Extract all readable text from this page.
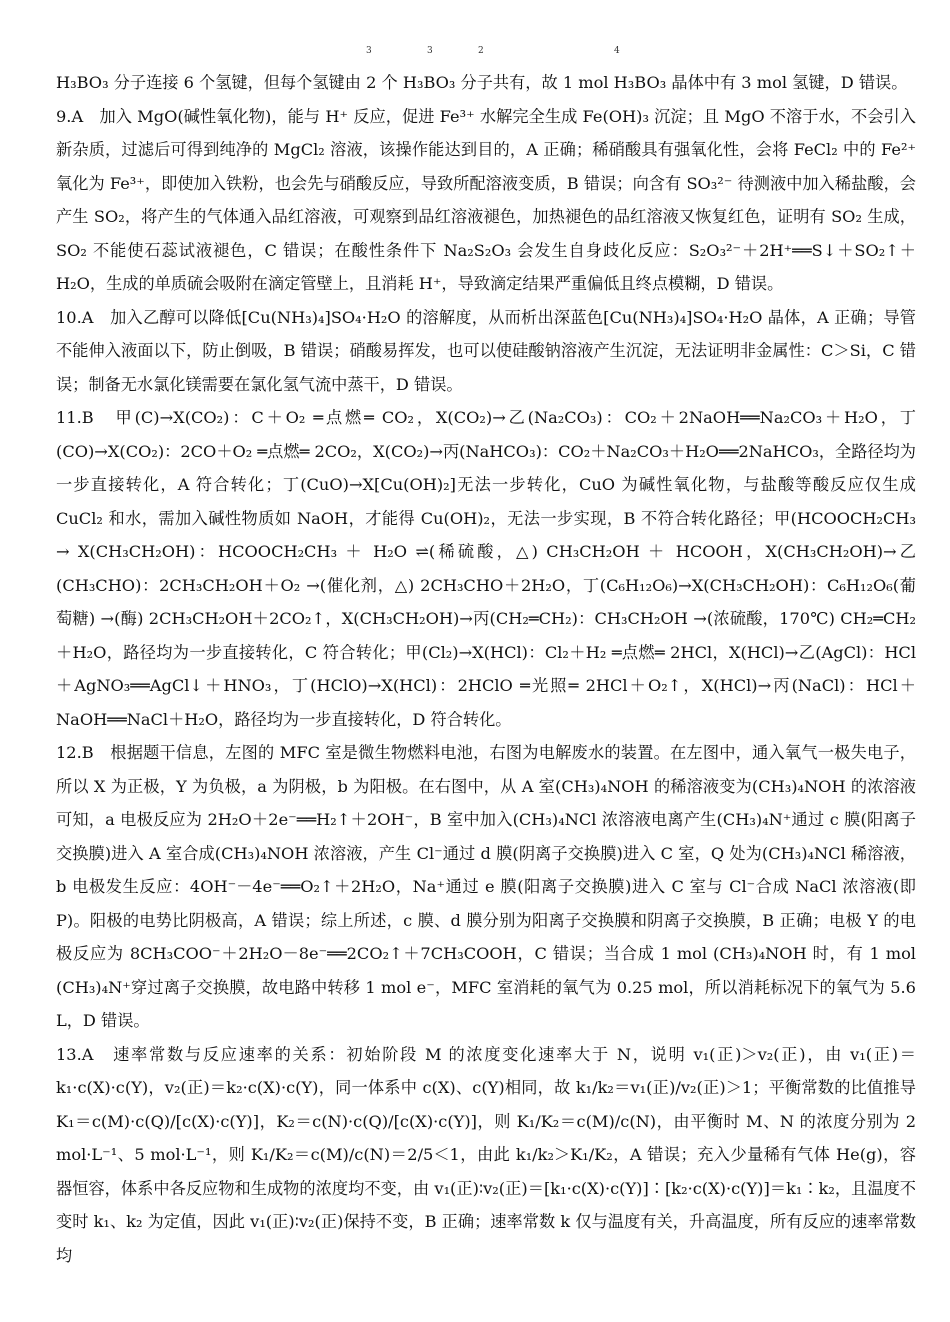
3	3	2	4

H₃BO₃ 分子连接 6 个氢键，但每个氢键由 2 个 H₃BO₃ 分子共有，故 1 mol H₃BO₃ 晶体中有 3 mol 氢键，D 错误。

9.A　加入 MgO(碱性氧化物)，能与 H⁺ 反应，促进 Fe³⁺ 水解完全生成 Fe(OH)₃ 沉淀；且 MgO 不溶于水，不会引入新杂质，过滤后可得到纯净的 MgCl₂ 溶液，该操作能达到目的，A 正确；稀硝酸具有强氧化性，会将 FeCl₂ 中的 Fe²⁺ 氧化为 Fe³⁺，即使加入铁粉，也会先与硝酸反应，导致所配溶液变质，B 错误；向含有 SO₃²⁻ 待测液中加入稀盐酸，会产生 SO₂，将产生的气体通入品红溶液，可观察到品红溶液褪色，加热褪色的品红溶液又恢复红色，证明有 SO₂ 生成，SO₂ 不能使石蕊试液褪色，C 错误；在酸性条件下 Na₂S₂O₃ 会发生自身歧化反应：S₂O₃²⁻＋2H⁺══S↓＋SO₂↑＋H₂O，生成的单质硫会吸附在滴定管壁上，且消耗 H⁺，导致滴定结果严重偏低且终点模糊，D 错误。

10.A　加入乙醇可以降低[Cu(NH₃)₄]SO₄·H₂O 的溶解度，从而析出深蓝色[Cu(NH₃)₄]SO₄·H₂O 晶体，A 正确；导管不能伸入液面以下，防止倒吸，B 错误；硝酸易挥发，也可以使硅酸钠溶液产生沉淀，无法证明非金属性：C＞Si，C 错误；制备无水氯化镁需要在氯化氢气流中蒸干，D 错误。

11.B　甲(C)→X(CO₂)：C＋O₂ ═点燃═ CO₂，X(CO₂)→乙(Na₂CO₃)：CO₂＋2NaOH══Na₂CO₃＋H₂O，丁(CO)→X(CO₂)：2CO＋O₂ ═点燃═ 2CO₂，X(CO₂)→丙(NaHCO₃)：CO₂＋Na₂CO₃＋H₂O══2NaHCO₃，全路径均为一步直接转化，A 符合转化；丁(CuO)→X[Cu(OH)₂]无法一步转化，CuO 为碱性氧化物，与盐酸等酸反应仅生成 CuCl₂ 和水，需加入碱性物质如 NaOH，才能得 Cu(OH)₂，无法一步实现，B 不符合转化路径；甲(HCOOCH₂CH₃ → X(CH₃CH₂OH)：HCOOCH₂CH₃ ＋ H₂O ⇌(稀硫酸，△) CH₃CH₂OH ＋ HCOOH，X(CH₃CH₂OH)→乙(CH₃CHO)：2CH₃CH₂OH＋O₂ →(催化剂，△) 2CH₃CHO＋2H₂O，丁(C₆H₁₂O₆)→X(CH₃CH₂OH)：C₆H₁₂O₆(葡萄糖) →(酶) 2CH₃CH₂OH＋2CO₂↑，X(CH₃CH₂OH)→丙(CH₂═CH₂)：CH₃CH₂OH →(浓硫酸，170℃) CH₂═CH₂＋H₂O，路径均为一步直接转化，C 符合转化；甲(Cl₂)→X(HCl)：Cl₂＋H₂ ═点燃═ 2HCl，X(HCl)→乙(AgCl)：HCl＋AgNO₃══AgCl↓＋HNO₃，丁(HClO)→X(HCl)：2HClO ═光照═ 2HCl＋O₂↑，X(HCl)→丙(NaCl)：HCl＋NaOH══NaCl＋H₂O，路径均为一步直接转化，D 符合转化。

12.B　根据题干信息，左图的 MFC 室是微生物燃料电池，右图为电解废水的装置。在左图中，通入氧气一极失电子，所以 X 为正极，Y 为负极，a 为阴极，b 为阳极。在右图中，从 A 室(CH₃)₄NOH 的稀溶液变为(CH₃)₄NOH 的浓溶液可知，a 电极反应为 2H₂O＋2e⁻══H₂↑＋2OH⁻，B 室中加入(CH₃)₄NCl 浓溶液电离产生(CH₃)₄N⁺通过 c 膜(阳离子交换膜)进入 A 室合成(CH₃)₄NOH 浓溶液，产生 Cl⁻通过 d 膜(阴离子交换膜)进入 C 室，Q 处为(CH₃)₄NCl 稀溶液，b 电极发生反应：4OH⁻－4e⁻══O₂↑＋2H₂O，Na⁺通过 e 膜(阳离子交换膜)进入 C 室与 Cl⁻合成 NaCl 浓溶液(即 P)。阳极的电势比阴极高，A 错误；综上所述，c 膜、d 膜分别为阳离子交换膜和阴离子交换膜，B 正确；电极 Y 的电极反应为 8CH₃COO⁻＋2H₂O－8e⁻══2CO₂↑＋7CH₃COOH，C 错误；当合成 1 mol (CH₃)₄NOH 时，有 1 mol (CH₃)₄N⁺穿过离子交换膜，故电路中转移 1 mol e⁻，MFC 室消耗的氧气为 0.25 mol，所以消耗标况下的氧气为 5.6 L，D 错误。

13.A　速率常数与反应速率的关系：初始阶段 M 的浓度变化速率大于 N，说明 v₁(正)＞v₂(正)，由 v₁(正)＝k₁·c(X)·c(Y)，v₂(正)＝k₂·c(X)·c(Y)，同一体系中 c(X)、c(Y)相同，故 k₁/k₂＝v₁(正)/v₂(正)＞1；平衡常数的比值推导 K₁＝c(M)·c(Q)/[c(X)·c(Y)]，K₂＝c(N)·c(Q)/[c(X)·c(Y)]，则 K₁/K₂＝c(M)/c(N)，由平衡时 M、N 的浓度分别为 2 mol·L⁻¹、5 mol·L⁻¹，则 K₁/K₂＝c(M)/c(N)＝2/5＜1，由此 k₁/k₂＞K₁/K₂，A 错误；充入少量稀有气体 He(g)，容器恒容，体系中各反应物和生成物的浓度均不变，由 v₁(正)∶v₂(正)＝[k₁·c(X)·c(Y)]∶[k₂·c(X)·c(Y)]＝k₁∶k₂，且温度不变时 k₁、k₂ 为定值，因此 v₁(正)∶v₂(正)保持不变，B 正确；速率常数 k 仅与温度有关，升高温度，所有反应的速率常数均
